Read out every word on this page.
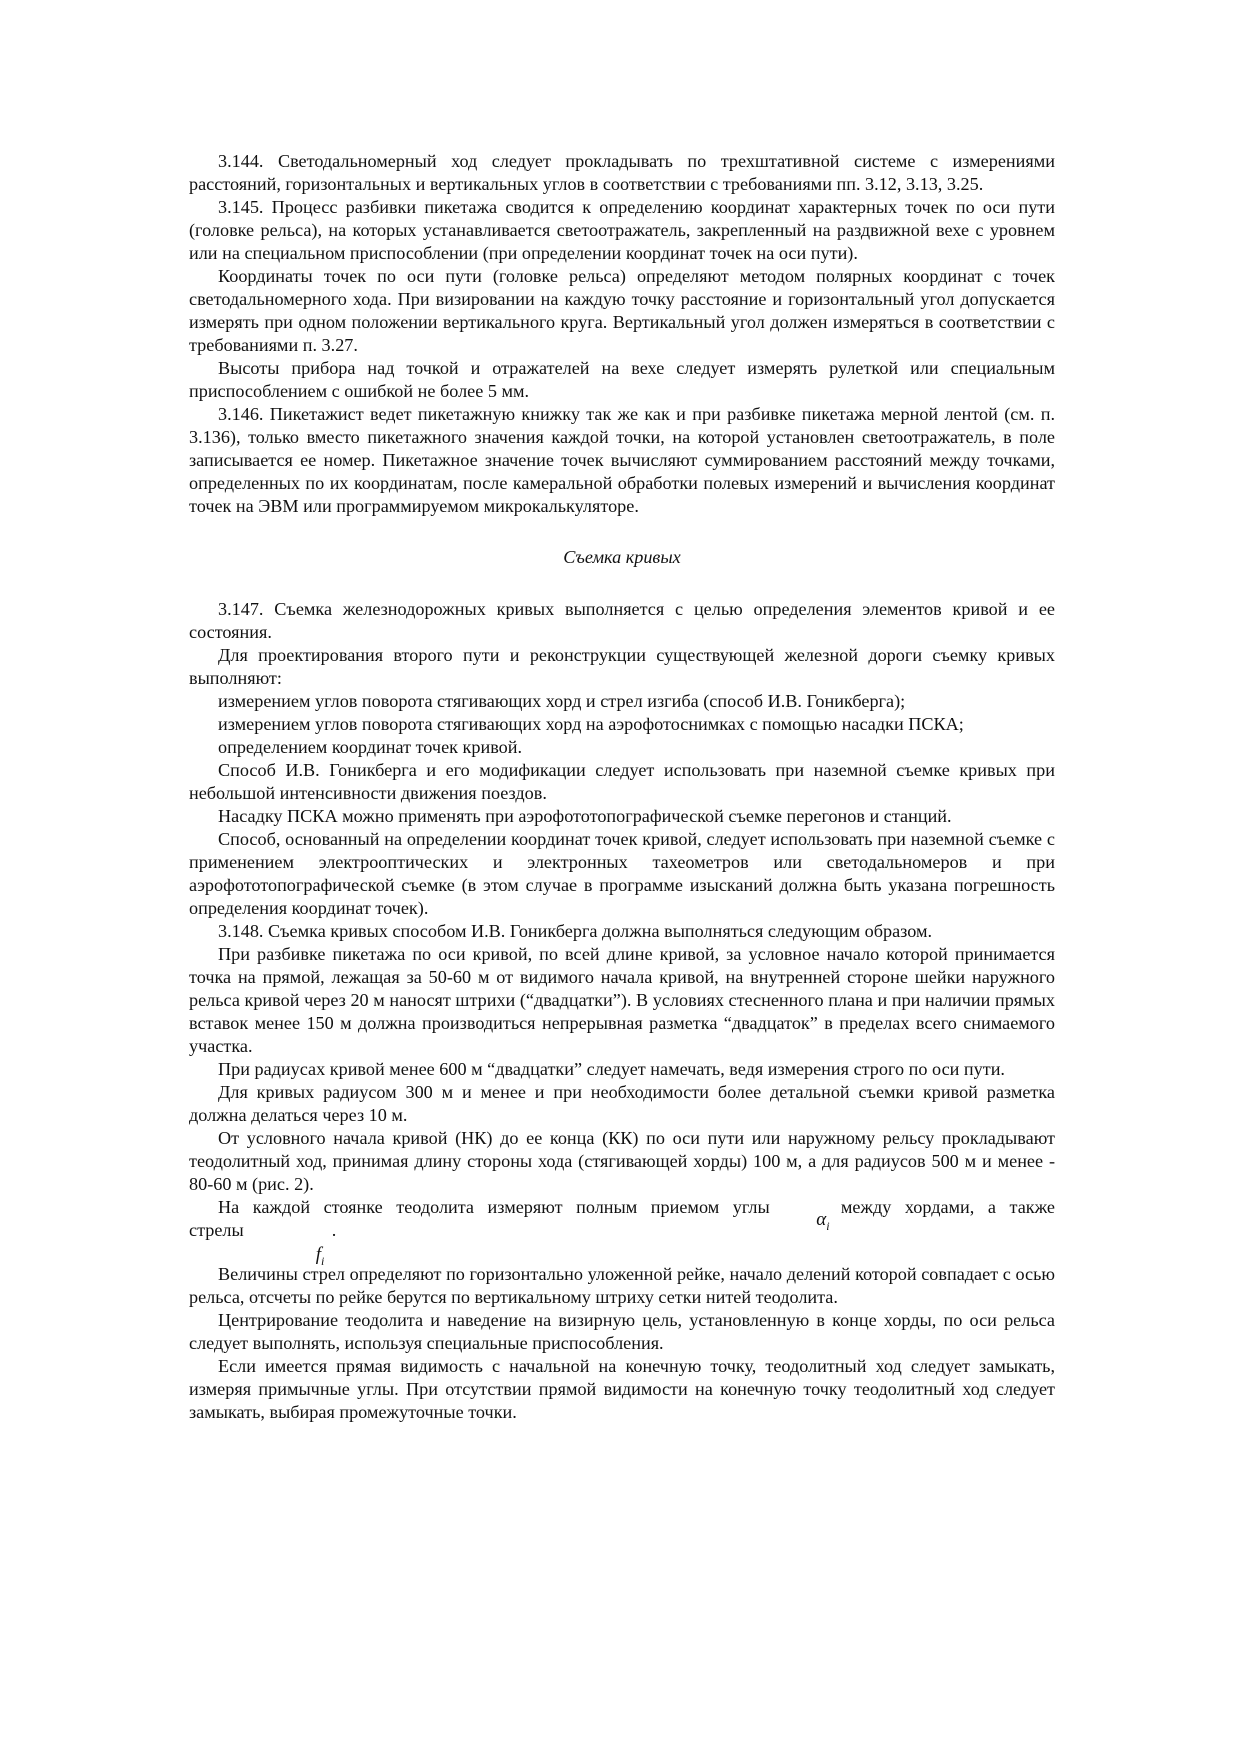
3.144. Светодальномерный ход следует прокладывать по трехштативной системе с измерениями расстояний, горизонтальных и вертикальных углов в соответствии с требованиями пп. 3.12, 3.13, 3.25.

3.145. Процесс разбивки пикетажа сводится к определению координат характерных точек по оси пути (головке рельса), на которых устанавливается светоотражатель, закрепленный на раздвижной вехе с уровнем или на специальном приспособлении (при определении координат точек на оси пути).

Координаты точек по оси пути (головке рельса) определяют методом полярных координат с точек светодальномерного хода. При визировании на каждую точку расстояние и горизонтальный угол допускается измерять при одном положении вертикального круга. Вертикальный угол должен измеряться в соответствии с требованиями п. 3.27.

Высоты прибора над точкой и отражателей на вехе следует измерять рулеткой или специальным приспособлением с ошибкой не более 5 мм.

3.146. Пикетажист ведет пикетажную книжку так же как и при разбивке пикетажа мерной лентой (см. п. 3.136), только вместо пикетажного значения каждой точки, на которой установлен светоотражатель, в поле записывается ее номер. Пикетажное значение точек вычисляют суммированием расстояний между точками, определенных по их координатам, после камеральной обработки полевых измерений и вычисления координат точек на ЭВМ или программируемом микрокалькуляторе.

Съемка кривых

3.147. Съемка железнодорожных кривых выполняется с целью определения элементов кривой и ее состояния.

Для проектирования второго пути и реконструкции существующей железной дороги съемку кривых выполняют:

измерением углов поворота стягивающих хорд и стрел изгиба (способ И.В. Гоникберга);

измерением углов поворота стягивающих хорд на аэрофотоснимках с помощью насадки ПСКА;

определением координат точек кривой.

Способ И.В. Гоникберга и его модификации следует использовать при наземной съемке кривых при небольшой интенсивности движения поездов.

Насадку ПСКА можно применять при аэрофототопографической съемке перегонов и станций.

Способ, основанный на определении координат точек кривой, следует использовать при наземной съемке с применением электрооптических и электронных тахеометров или светодальномеров и при аэрофототопографической съемке (в этом случае в программе изысканий должна быть указана погрешность определения координат точек).

3.148. Съемка кривых способом И.В. Гоникберга должна выполняться следующим образом.

При разбивке пикетажа по оси кривой, по всей длине кривой, за условное начало которой принимается точка на прямой, лежащая за 50-60 м от видимого начала кривой, на внутренней стороне шейки наружного рельса кривой через 20 м наносят штрихи (“двадцатки”). В условиях стесненного плана и при наличии прямых вставок менее 150 м должна производиться непрерывная разметка “двадцаток” в пределах всего снимаемого участка.

При радиусах кривой менее 600 м “двадцатки” следует намечать, ведя измерения строго по оси пути.

Для кривых радиусом 300 м и менее и при необходимости более детальной съемки кривой разметка должна делаться через 10 м.

От условного начала кривой (НК) до ее конца (КК) по оси пути или наружному рельсу прокладывают теодолитный ход, принимая длину стороны хода (стягивающей хорды) 100 м, а для радиусов 500 м и менее - 80-60 м (рис. 2).

На каждой стоянке теодолита измеряют полным приемом углы
$\alpha_i$
между хордами, а также

стрелы
$f_i$
.

Величины стрел определяют по горизонтально уложенной рейке, начало делений которой совпадает с осью рельса, отсчеты по рейке берутся по вертикальному штриху сетки нитей теодолита.

Центрирование теодолита и наведение на визирную цель, установленную в конце хорды, по оси рельса следует выполнять, используя специальные приспособления.

Если имеется прямая видимость с начальной на конечную точку, теодолитный ход следует замыкать, измеряя примычные углы. При отсутствии прямой видимости на конечную точку теодолитный ход следует замыкать, выбирая промежуточные точки.
